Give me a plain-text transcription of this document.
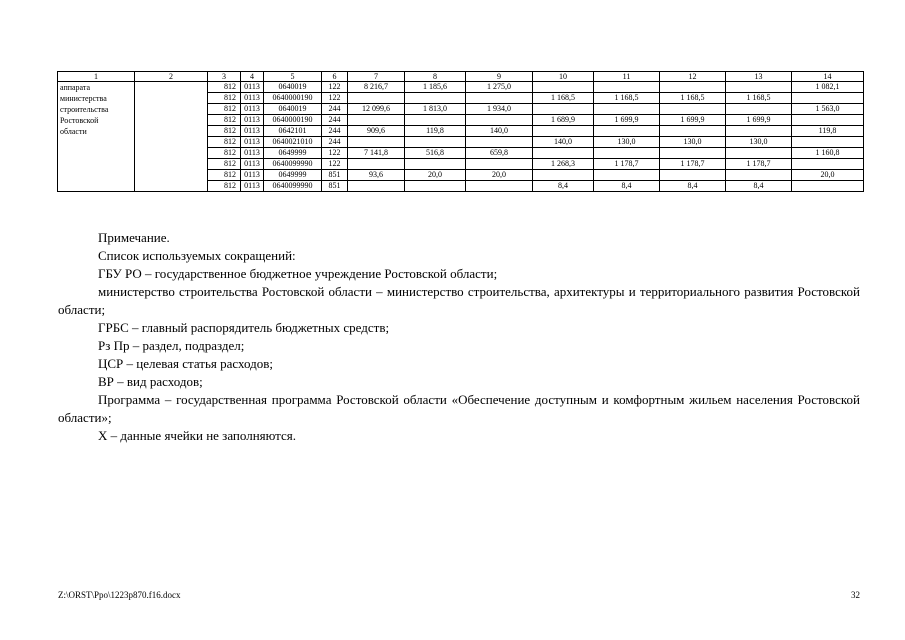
1	2	3	4	5	6	7	8	9	10	11	12	13	14

аппарата
министерства
строительства
Ростовской
области		812	0113	0640019	122	8 216,7	1 185,6	1 275,0					1 082,1
		812	0113	0640000190	122				1 168,5	1 168,5	1 168,5	1 168,5	
		812	0113	0640019	244	12 099,6	1 813,0	1 934,0					1 563,0
		812	0113	0640000190	244				1 689,9	1 699,9	1 699,9	1 699,9	
		812	0113	0642101	244	909,6	119,8	140,0					119,8
		812	0113	0640021010	244				140,0	130,0	130,0	130,0	
		812	0113	0649999	122	7 141,8	516,8	659,8					1 160,8
		812	0113	0640099990	122				1 268,3	1 178,7	1 178,7	1 178,7	
		812	0113	0649999	851	93,6	20,0	20,0					20,0
		812	0113	0640099990	851				8,4	8,4	8,4	8,4	

Примечание.

Список используемых сокращений:

ГБУ РО – государственное бюджетное учреждение Ростовской области;

министерство строительства Ростовской области – министерство строительства, архитектуры и территориального развития Ростовской области;

ГРБС – главный распорядитель бюджетных средств;

Рз Пр – раздел, подраздел;

ЦСР – целевая статья расходов;

ВР – вид расходов;

Программа – государственная программа Ростовской области «Обеспечение доступным и комфортным жильем населения Ростовской области»;

Х – данные ячейки не заполняются.

Z:\ORST\Ppo\1223p870.f16.docx	32
